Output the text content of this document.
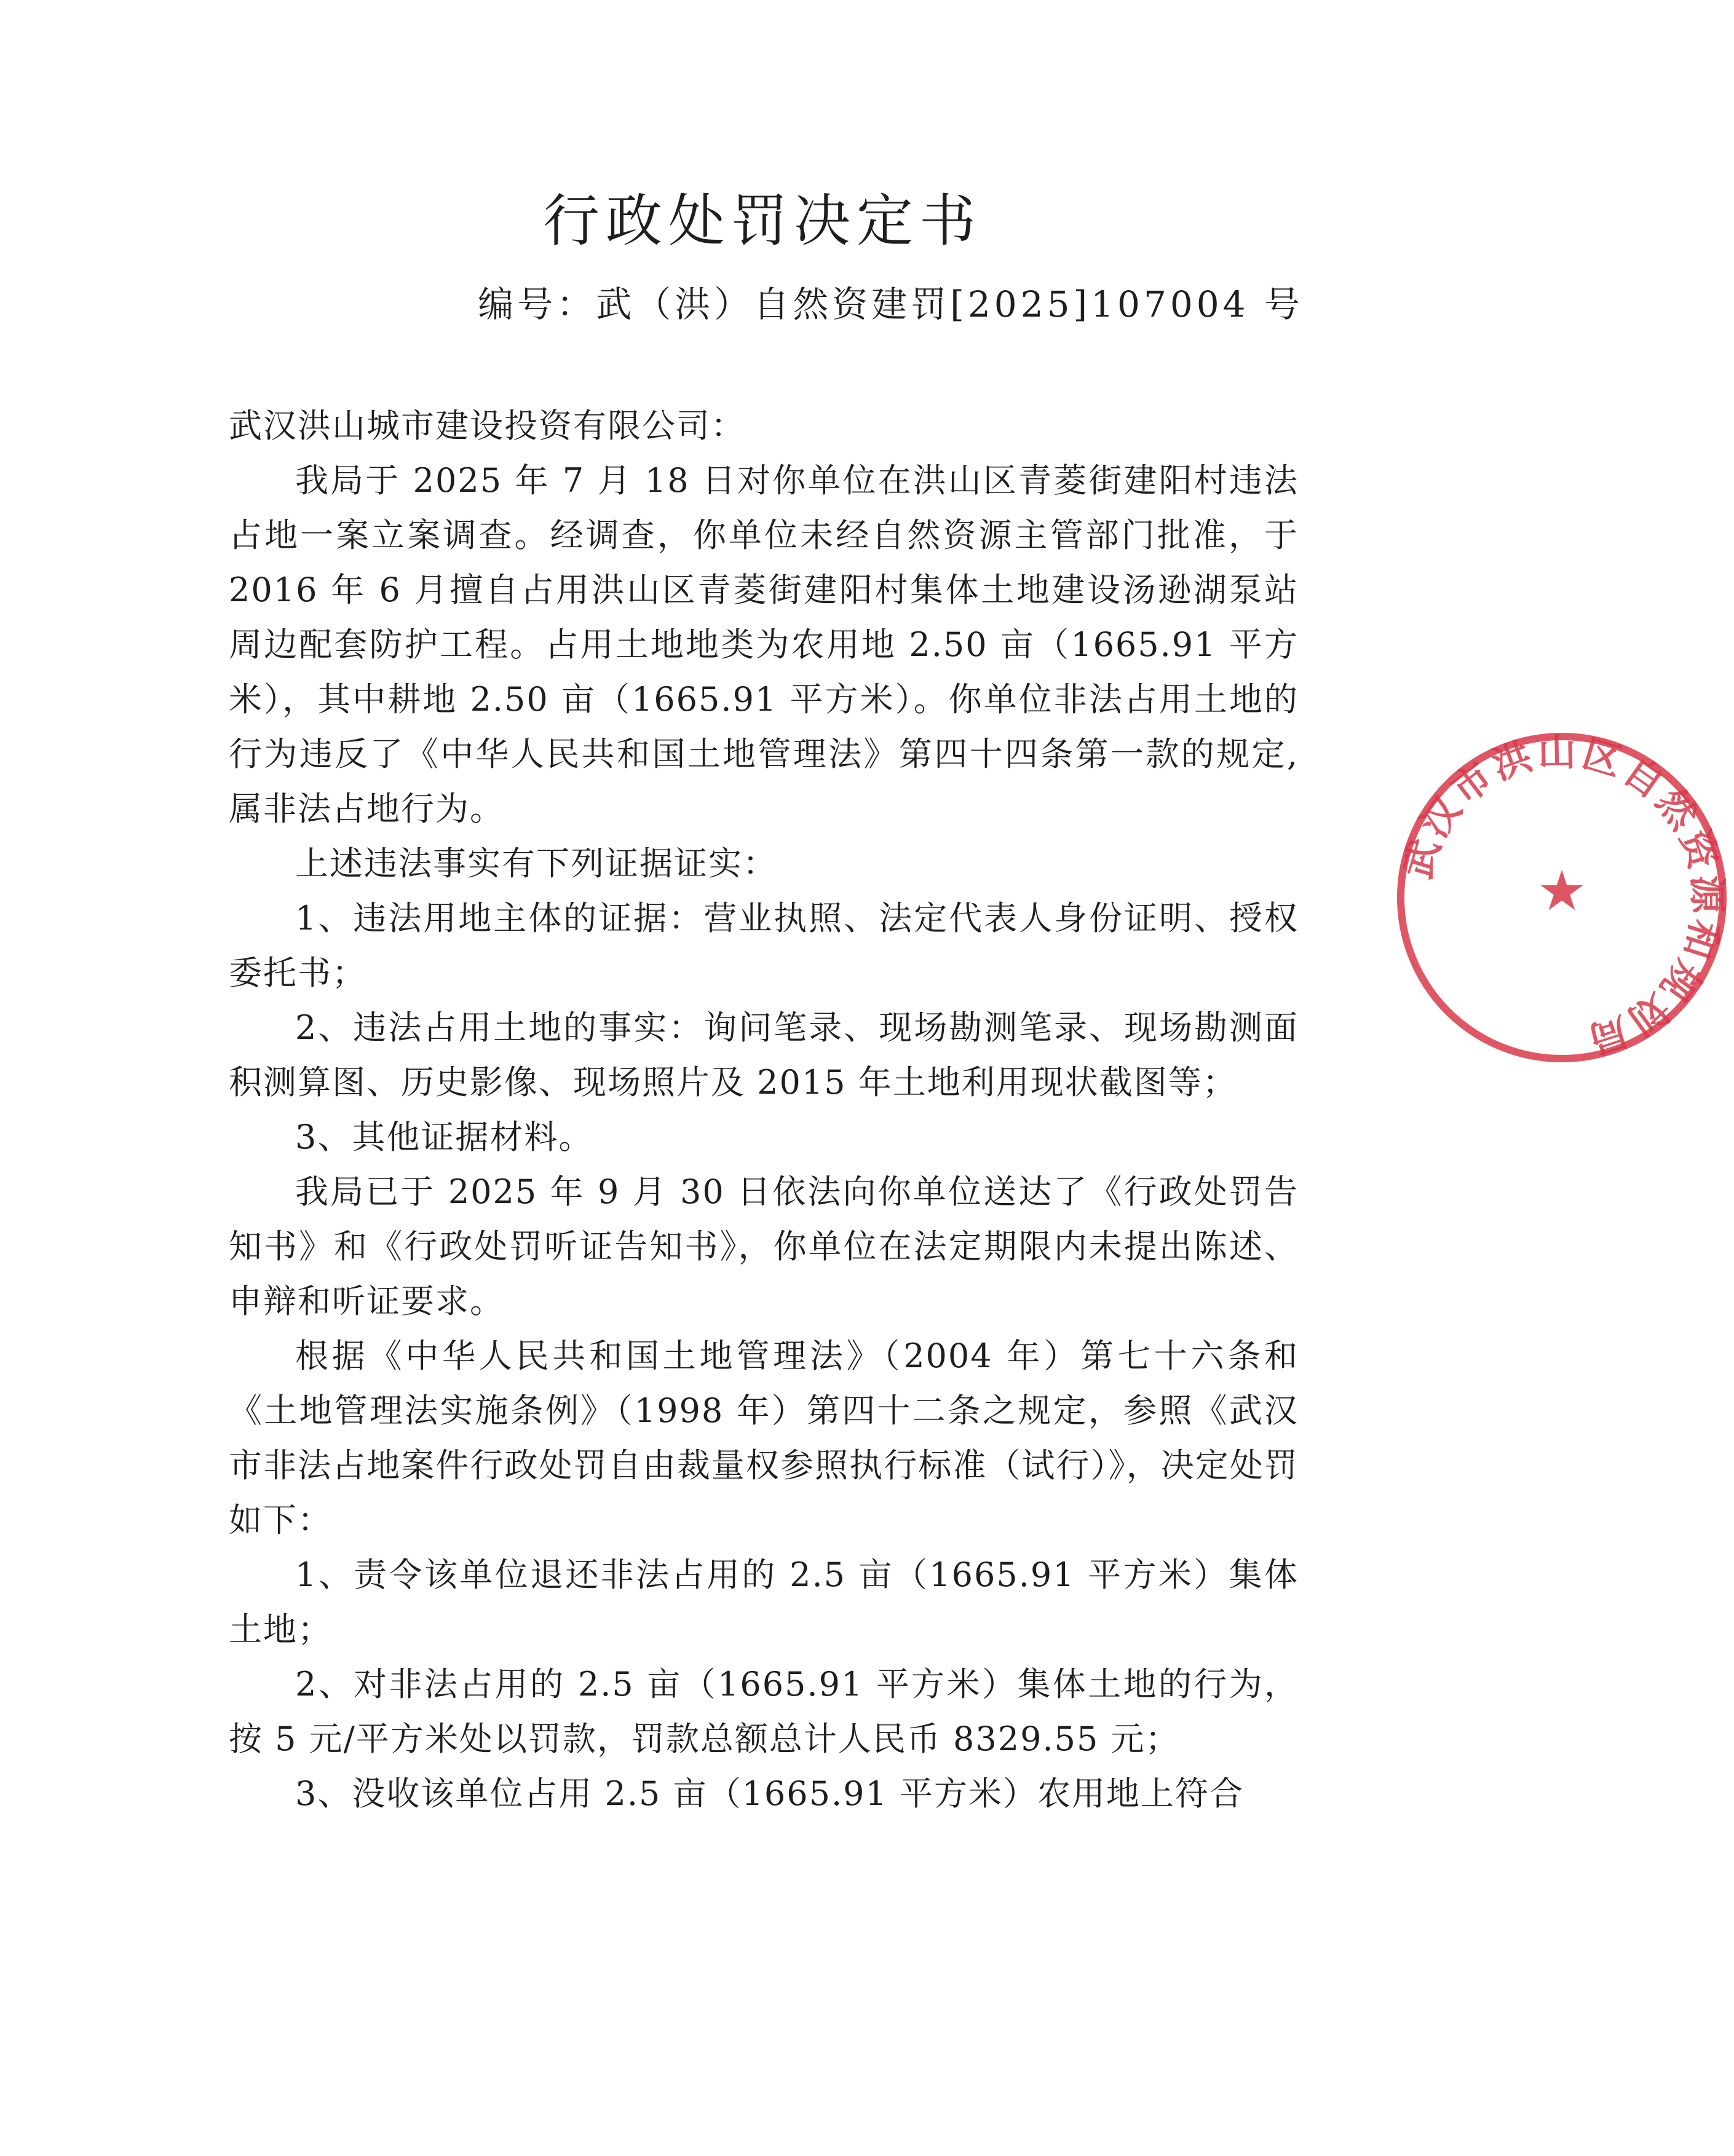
行政处罚决定书
编号：武（洪）自然资建罚[2025]107004 号

武汉洪山城市建设投资有限公司：

我局于 2025 年 7 月 18 日对你单位在洪山区青菱街建阳村违法占地一案立案调查。经调查，你单位未经自然资源主管部门批准，于 2016 年 6 月擅自占用洪山区青菱街建阳村集体土地建设汤逊湖泵站周边配套防护工程。占用土地地类为农用地 2.50 亩（1665.91 平方米），其中耕地 2.50 亩（1665.91 平方米）。你单位非法占用土地的行为违反了《中华人民共和国土地管理法》第四十四条第一款的规定,属非法占地行为。

上述违法事实有下列证据证实：

1、违法用地主体的证据：营业执照、法定代表人身份证明、授权委托书；

2、违法占用土地的事实：询问笔录、现场勘测笔录、现场勘测面积测算图、历史影像、现场照片及 2015 年土地利用现状截图等；

3、其他证据材料。

我局已于 2025 年 9 月 30 日依法向你单位送达了《行政处罚告知书》和《行政处罚听证告知书》，你单位在法定期限内未提出陈述、申辩和听证要求。

根据《中华人民共和国土地管理法》（2004 年）第七十六条和《土地管理法实施条例》（1998 年）第四十二条之规定，参照《武汉市非法占地案件行政处罚自由裁量权参照执行标准（试行）》，决定处罚如下：

1、责令该单位退还非法占用的 2.5 亩（1665.91 平方米）集体土地；

2、对非法占用的 2.5 亩（1665.91 平方米）集体土地的行为，按 5 元/平方米处以罚款，罚款总额总计人民币 8329.55 元；

3、没收该单位占用 2.5 亩（1665.91 平方米）农用地上符合

武汉市洪山区自然资源和规划局
★
